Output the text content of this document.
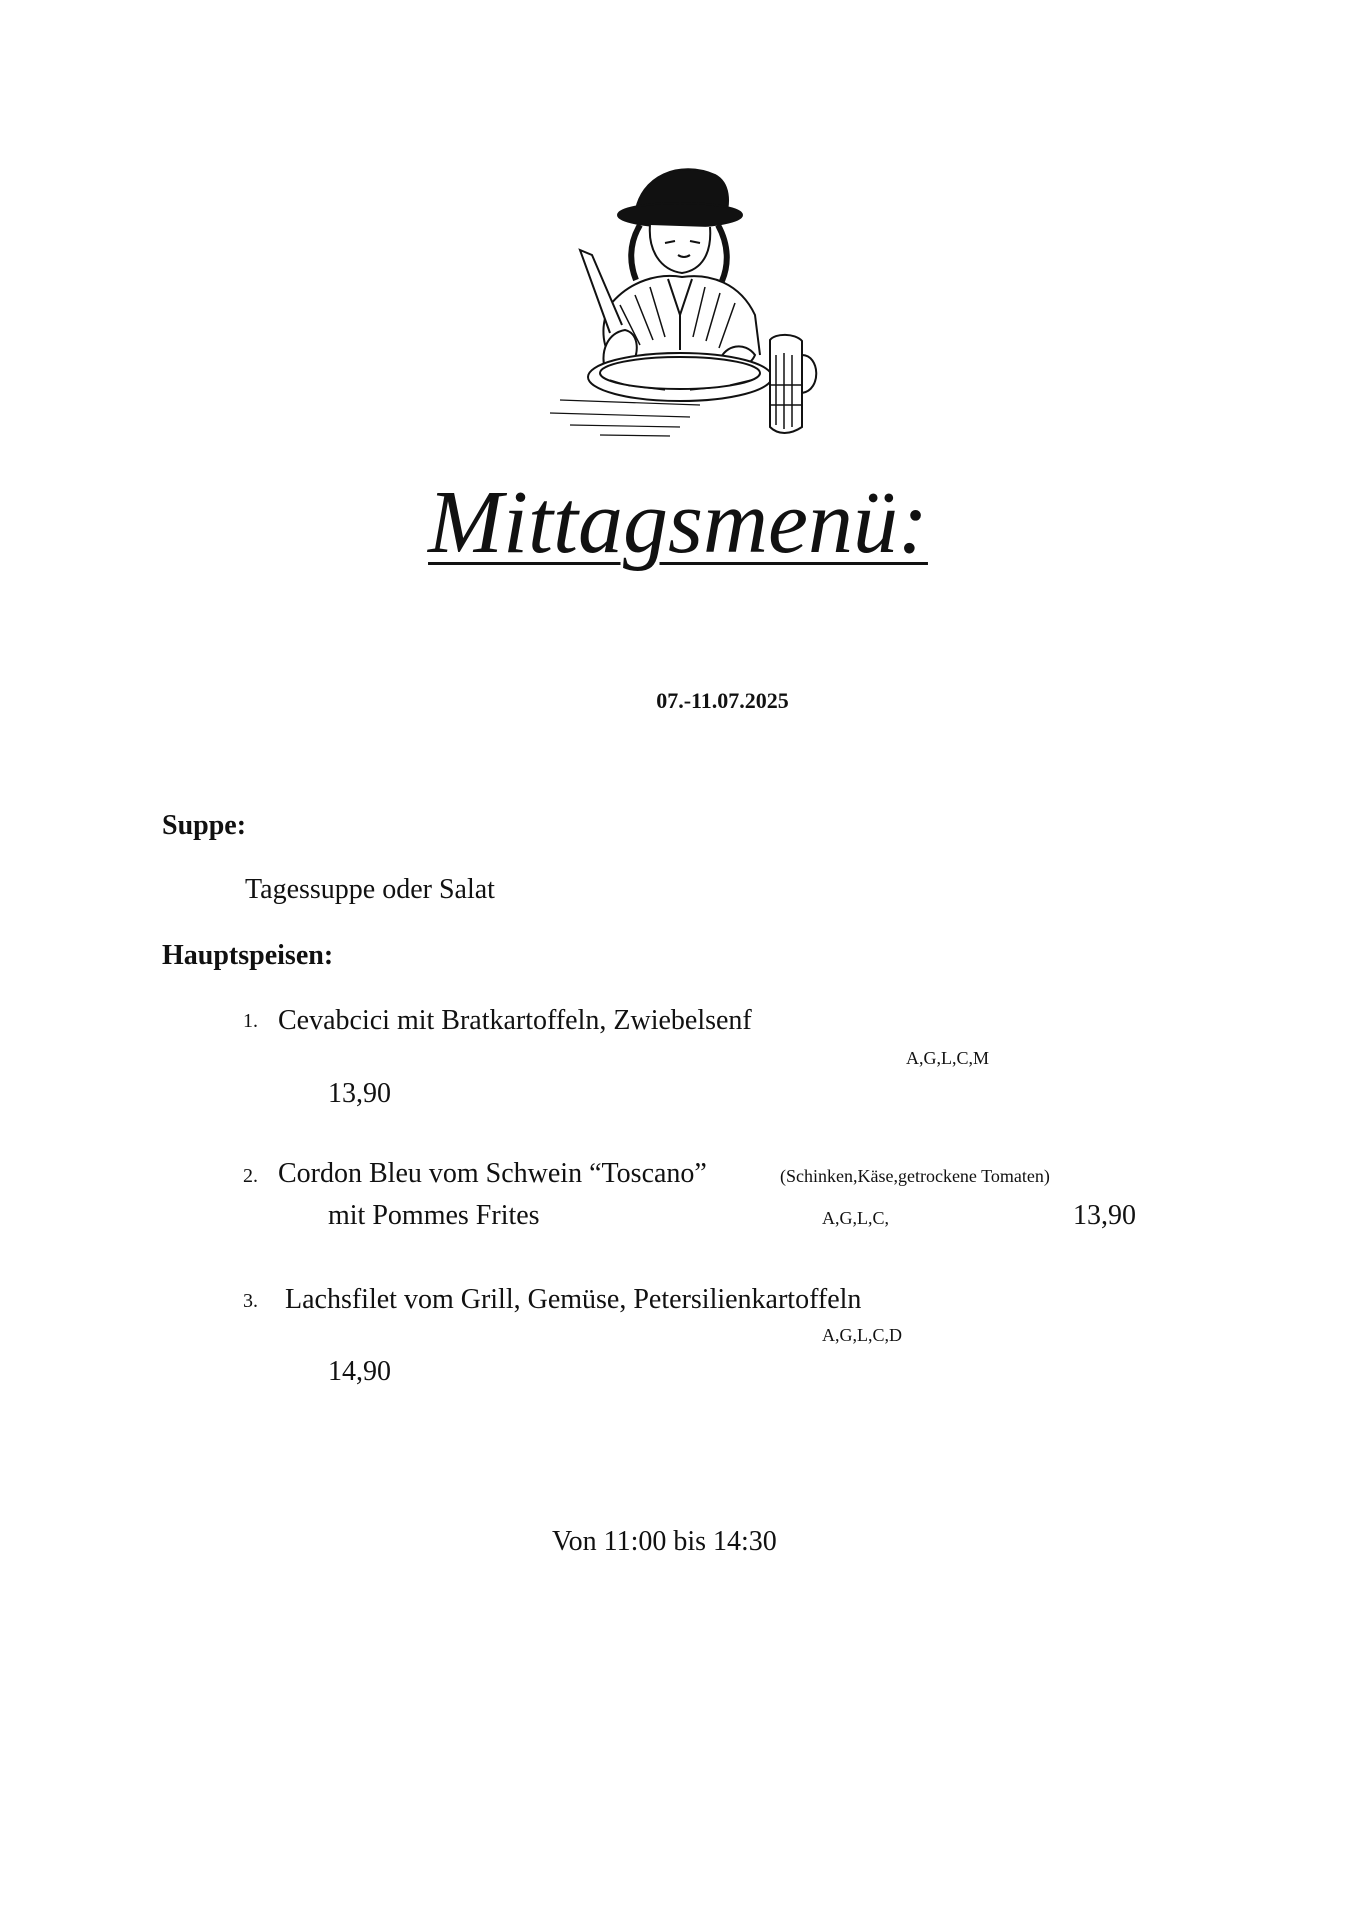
Mittagsmenü:
07.-11.07.2025
Suppe:
Tagessuppe oder Salat
Hauptspeisen:
1. Cevabcici mit Bratkartoffeln, Zwiebelsenf
A,G,L,C,M
13,90
2. Cordon Bleu vom Schwein “Toscano”	(Schinken,Käse,getrockene Tomaten)
mit Pommes Frites	A,G,L,C,	13,90
3. Lachsfilet vom Grill, Gemüse, Petersilienkartoffeln
A,G,L,C,D
14,90
Von 11:00 bis 14:30
